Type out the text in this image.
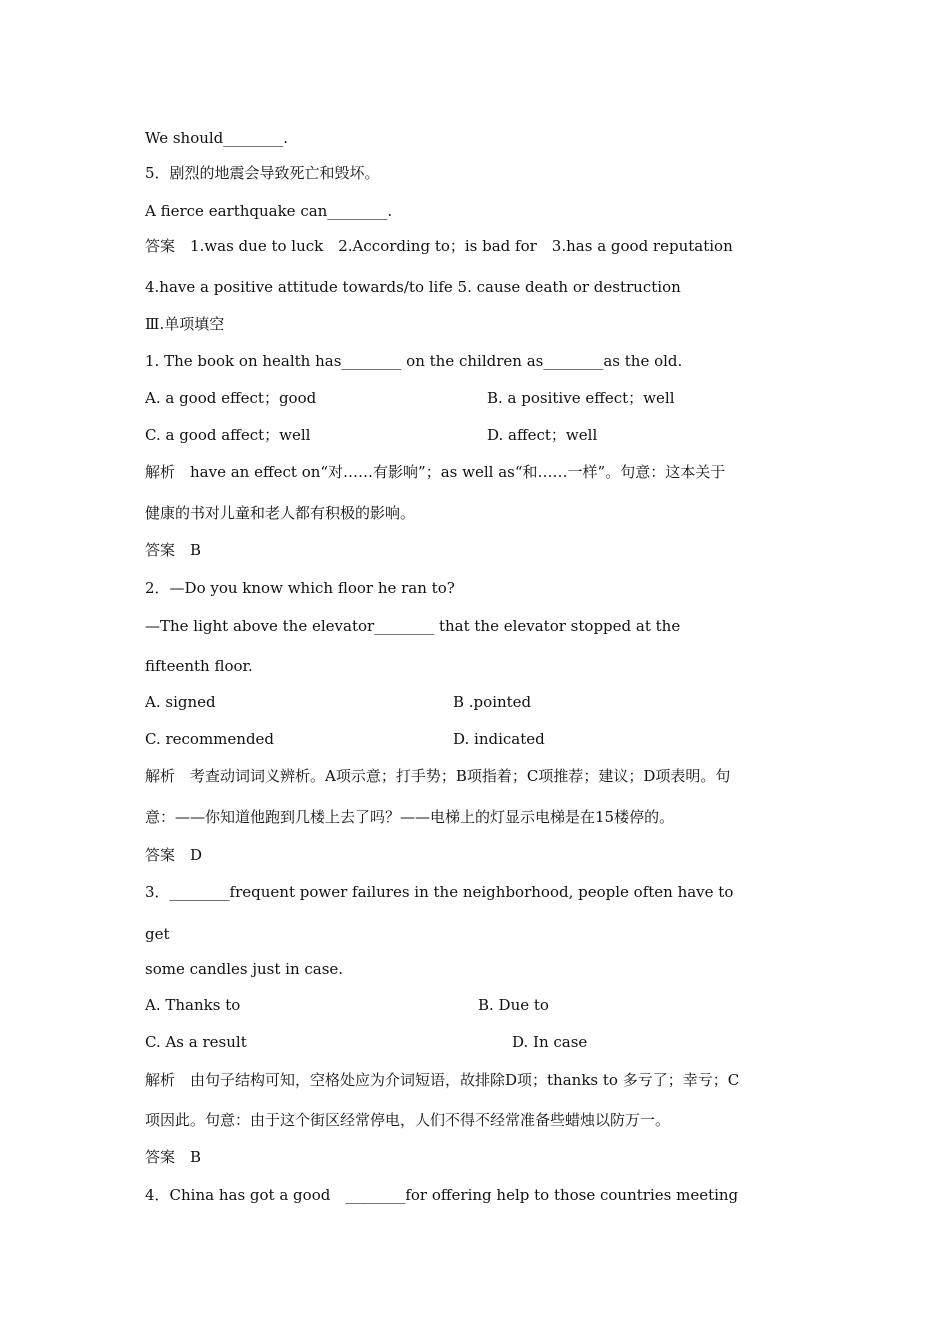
We should________.
5．剧烈的地震会导致死亡和毁坏。
A fierce earthquake can________.
答案　1.was due to luck　2.According to；is bad for　3.has a good reputation
4.have a positive attitude towards/to life 5. cause death or destruction
Ⅲ.单项填空
1. The book on health has________ on the children as________as the old.
A. a good effect；good	B. a positive effect；well
C. a good affect；well	D. affect；well
解析　have an effect on“对……有影响”；as well as“和……一样”。句意：这本关于
健康的书对儿童和老人都有积极的影响。
答案　B
2．—Do you know which floor he ran to?
—The light above the elevator________ that the elevator stopped at the
fifteenth floor.
A. signed	B .pointed
C. recommended	D. indicated
解析　考查动词词义辨析。A项示意；打手势；B项指着；C项推荐；建议；D项表明。句
意：——你知道他跑到几楼上去了吗？——电梯上的灯显示电梯是在15楼停的。
答案　D
3．________frequent power failures in the neighborhood, people often have to
get
some candles just in case.
A. Thanks to	B. Due to
C. As a result	D. In case
解析　由句子结构可知，空格处应为介词短语，故排除D项；thanks to 多亏了；幸亏；C
项因此。句意：由于这个街区经常停电，人们不得不经常准备些蜡烛以防万一。
答案　B
4．China has got a good　________for offering help to those countries meeting
